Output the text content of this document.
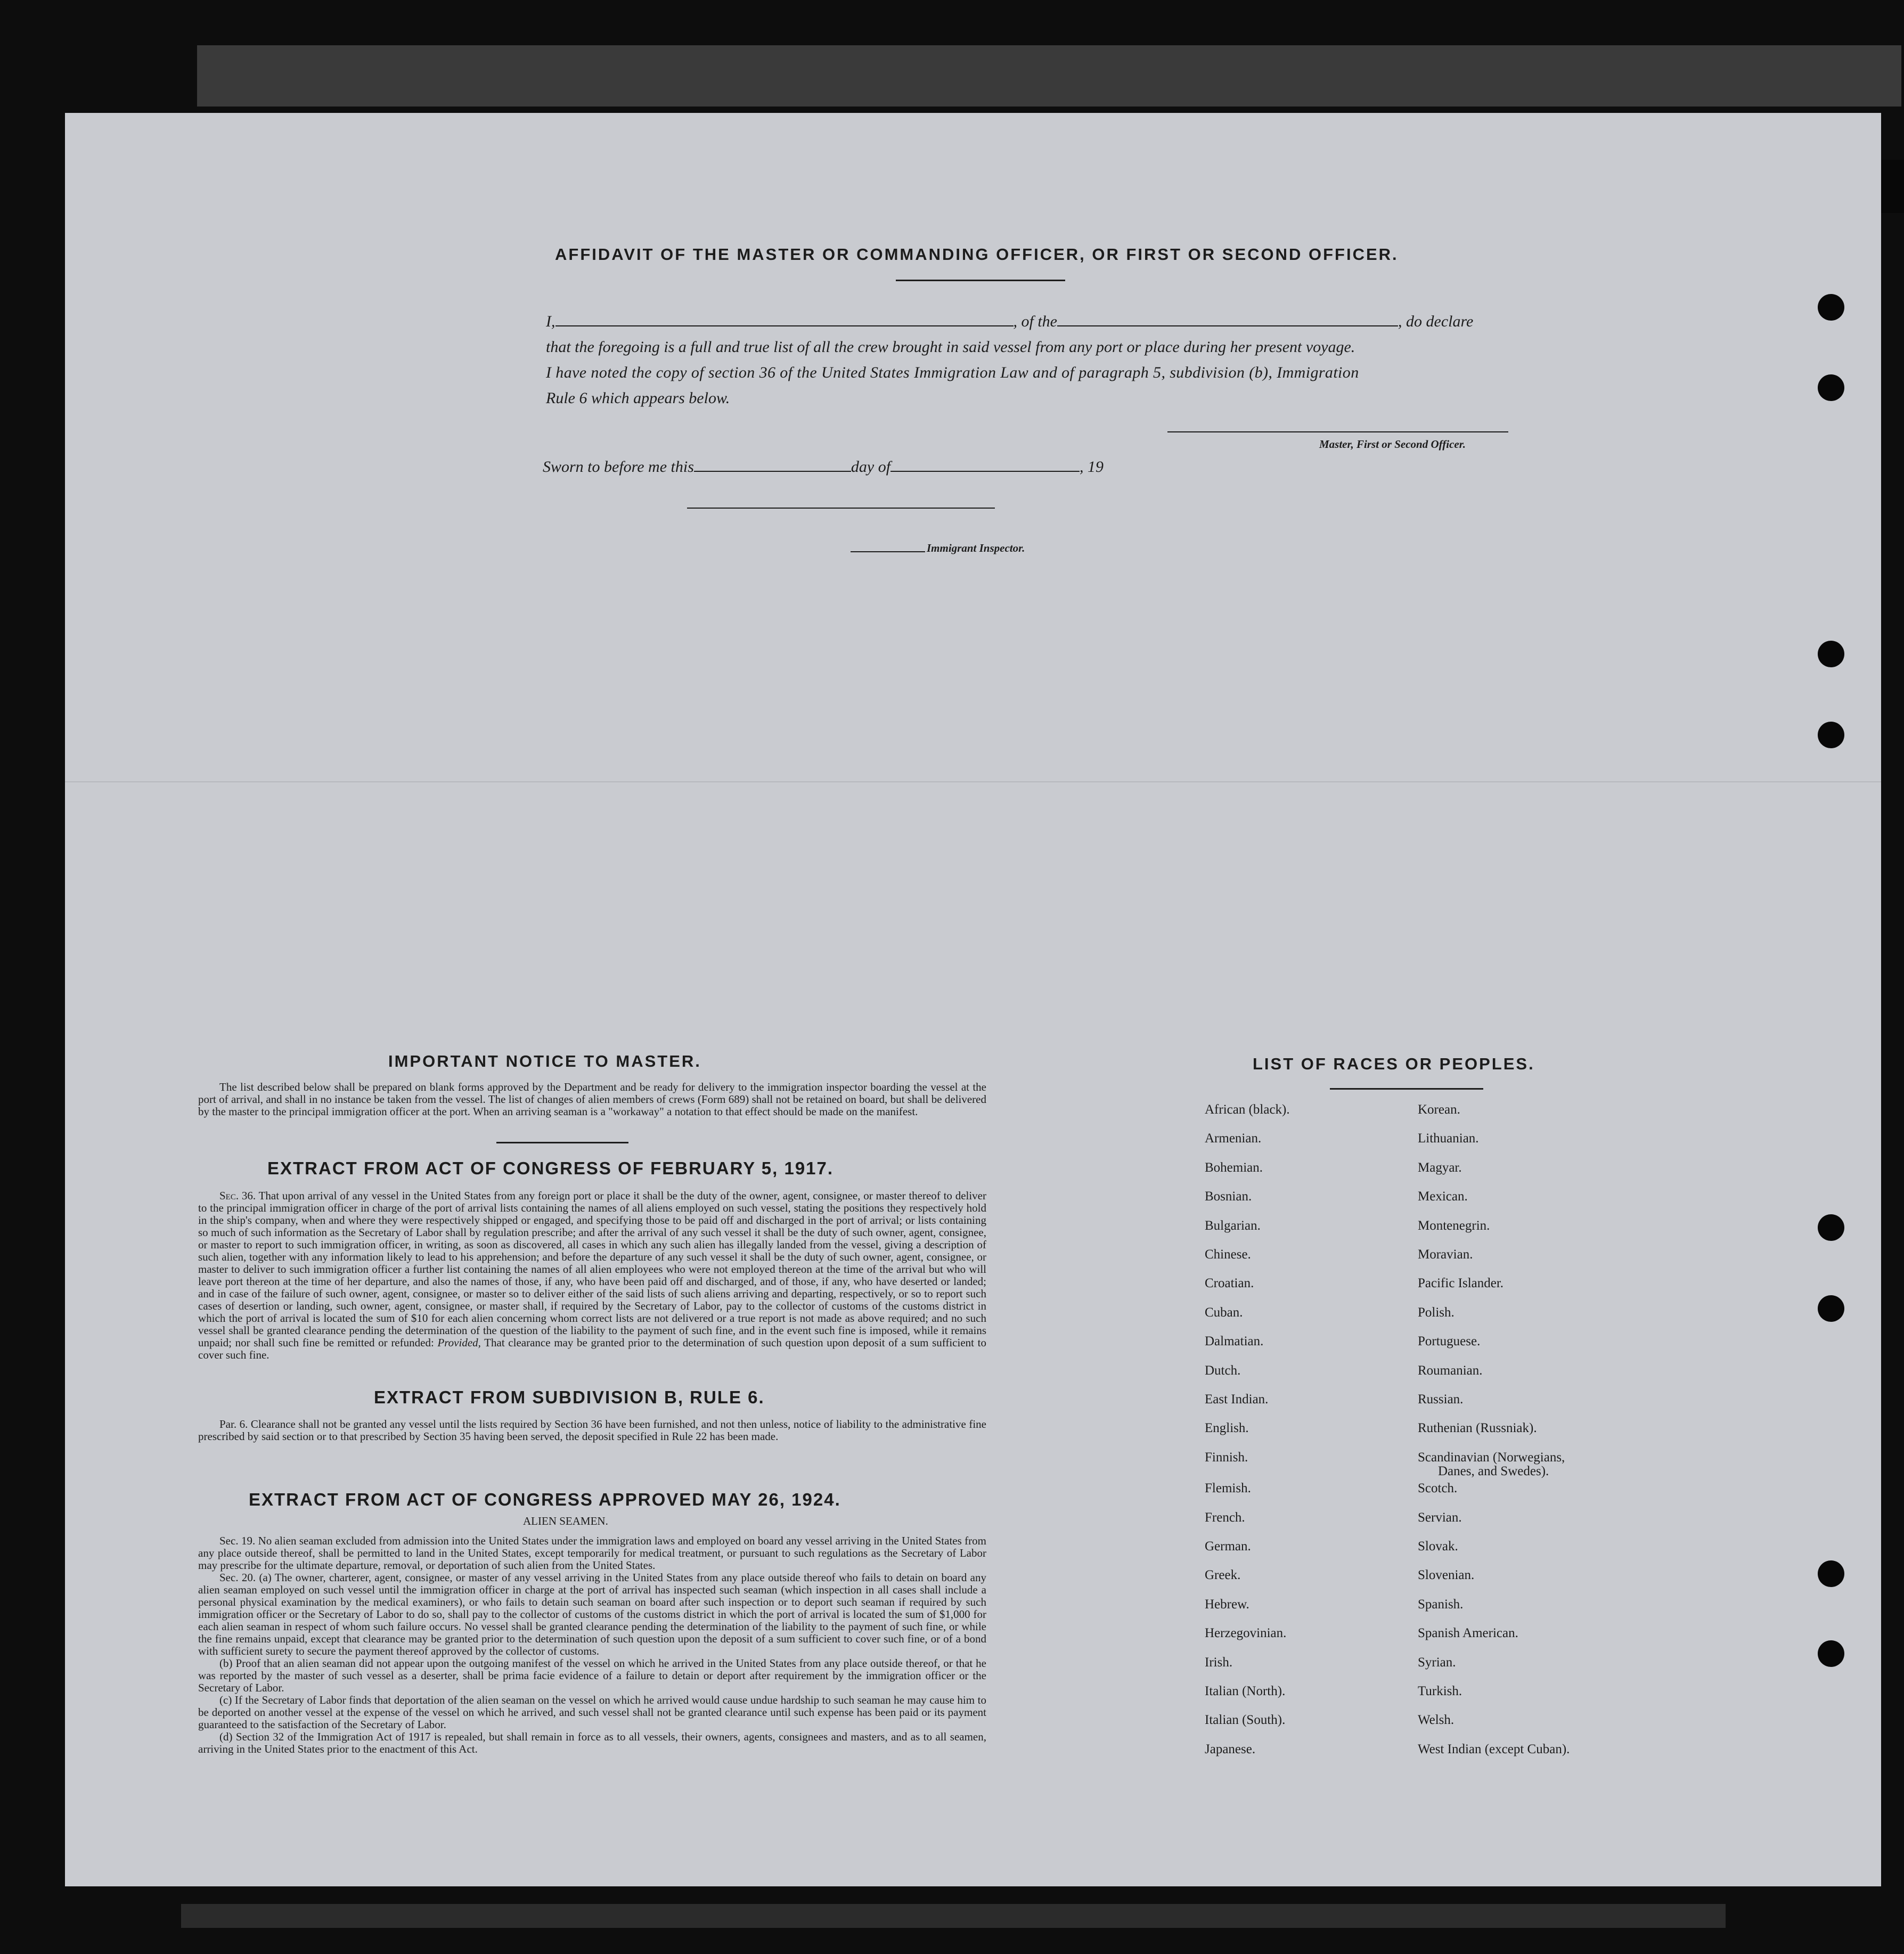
AFFIDAVIT OF THE MASTER OR COMMANDING OFFICER, OR FIRST OR SECOND OFFICER.
I,	, of the	, do declare
that the foregoing is a full and true list of all the crew brought in said vessel from any port or place during her present voyage.
I have noted the copy of section 36 of the United States Immigration Law and of paragraph 5, subdivision (b), Immigration
Rule 6 which appears below.
Master, First or Second Officer.
Sworn to before me this	day of	, 19
Immigrant Inspector.
IMPORTANT NOTICE TO MASTER.

The list described below shall be prepared on blank forms approved by the Department and be ready for delivery to the immigration inspector boarding the vessel at the port of arrival, and shall in no instance be taken from the vessel. The list of changes of alien members of crews (Form 689) shall not be retained on board, but shall be delivered by the master to the principal immigration officer at the port. When an arriving seaman is a "workaway" a notation to that effect should be made on the manifest.

EXTRACT FROM ACT OF CONGRESS OF FEBRUARY 5, 1917.

Sec. 36. That upon arrival of any vessel in the United States from any foreign port or place it shall be the duty of the owner, agent, consignee, or master thereof to deliver to the principal immigration officer in charge of the port of arrival lists containing the names of all aliens employed on such vessel, stating the positions they respectively hold in the ship's company, when and where they were respectively shipped or engaged, and specifying those to be paid off and discharged in the port of arrival; or lists containing so much of such information as the Secretary of Labor shall by regulation prescribe; and after the arrival of any such vessel it shall be the duty of such owner, agent, consignee, or master to report to such immigration officer, in writing, as soon as discovered, all cases in which any such alien has illegally landed from the vessel, giving a description of such alien, together with any information likely to lead to his apprehension; and before the departure of any such vessel it shall be the duty of such owner, agent, consignee, or master to deliver to such immigration officer a further list containing the names of all alien employees who were not employed thereon at the time of the arrival but who will leave port thereon at the time of her departure, and also the names of those, if any, who have been paid off and discharged, and of those, if any, who have deserted or landed; and in case of the failure of such owner, agent, consignee, or master so to deliver either of the said lists of such aliens arriving and departing, respectively, or so to report such cases of desertion or landing, such owner, agent, consignee, or master shall, if required by the Secretary of Labor, pay to the collector of customs of the customs district in which the port of arrival is located the sum of $10 for each alien concerning whom correct lists are not delivered or a true report is not made as above required; and no such vessel shall be granted clearance pending the determination of the question of the liability to the payment of such fine, and in the event such fine is imposed, while it remains unpaid; nor shall such fine be remitted or refunded: Provided, That clearance may be granted prior to the determination of such question upon deposit of a sum sufficient to cover such fine.

EXTRACT FROM SUBDIVISION B, RULE 6.

Par. 6. Clearance shall not be granted any vessel until the lists required by Section 36 have been furnished, and not then unless, notice of liability to the administrative fine prescribed by said section or to that prescribed by Section 35 having been served, the deposit specified in Rule 22 has been made.

EXTRACT FROM ACT OF CONGRESS APPROVED MAY 26, 1924.
ALIEN SEAMEN.

Sec. 19. No alien seaman excluded from admission into the United States under the immigration laws and employed on board any vessel arriving in the United States from any place outside thereof, shall be permitted to land in the United States, except temporarily for medical treatment, or pursuant to such regulations as the Secretary of Labor may prescribe for the ultimate departure, removal, or deportation of such alien from the United States.

Sec. 20. (a) The owner, charterer, agent, consignee, or master of any vessel arriving in the United States from any place outside thereof who fails to detain on board any alien seaman employed on such vessel until the immigration officer in charge at the port of arrival has inspected such seaman (which inspection in all cases shall include a personal physical examination by the medical examiners), or who fails to detain such seaman on board after such inspection or to deport such seaman if required by such immigration officer or the Secretary of Labor to do so, shall pay to the collector of customs of the customs district in which the port of arrival is located the sum of $1,000 for each alien seaman in respect of whom such failure occurs. No vessel shall be granted clearance pending the determination of the liability to the payment of such fine, or while the fine remains unpaid, except that clearance may be granted prior to the determination of such question upon the deposit of a sum sufficient to cover such fine, or of a bond with sufficient surety to secure the payment thereof approved by the collector of customs.

(b) Proof that an alien seaman did not appear upon the outgoing manifest of the vessel on which he arrived in the United States from any place outside thereof, or that he was reported by the master of such vessel as a deserter, shall be prima facie evidence of a failure to detain or deport after requirement by the immigration officer or the Secretary of Labor.

(c) If the Secretary of Labor finds that deportation of the alien seaman on the vessel on which he arrived would cause undue hardship to such seaman he may cause him to be deported on another vessel at the expense of the vessel on which he arrived, and such vessel shall not be granted clearance until such expense has been paid or its payment guaranteed to the satisfaction of the Secretary of Labor.

(d) Section 32 of the Immigration Act of 1917 is repealed, but shall remain in force as to all vessels, their owners, agents, consignees and masters, and as to all seamen, arriving in the United States prior to the enactment of this Act.

LIST OF RACES OR PEOPLES.
African (black).	Korean.
Armenian.	Lithuanian.
Bohemian.	Magyar.
Bosnian.	Mexican.
Bulgarian.	Montenegrin.
Chinese.	Moravian.
Croatian.	Pacific Islander.
Cuban.	Polish.
Dalmatian.	Portuguese.
Dutch.	Roumanian.
East Indian.	Russian.
English.	Ruthenian (Russniak).
Finnish.	Scandinavian (Norwegians,
Danes, and Swedes).
Flemish.	Scotch.
French.	Servian.
German.	Slovak.
Greek.	Slovenian.
Hebrew.	Spanish.
Herzegovinian.	Spanish American.
Irish.	Syrian.
Italian (North).	Turkish.
Italian (South).	Welsh.
Japanese.	West Indian (except Cuban).
